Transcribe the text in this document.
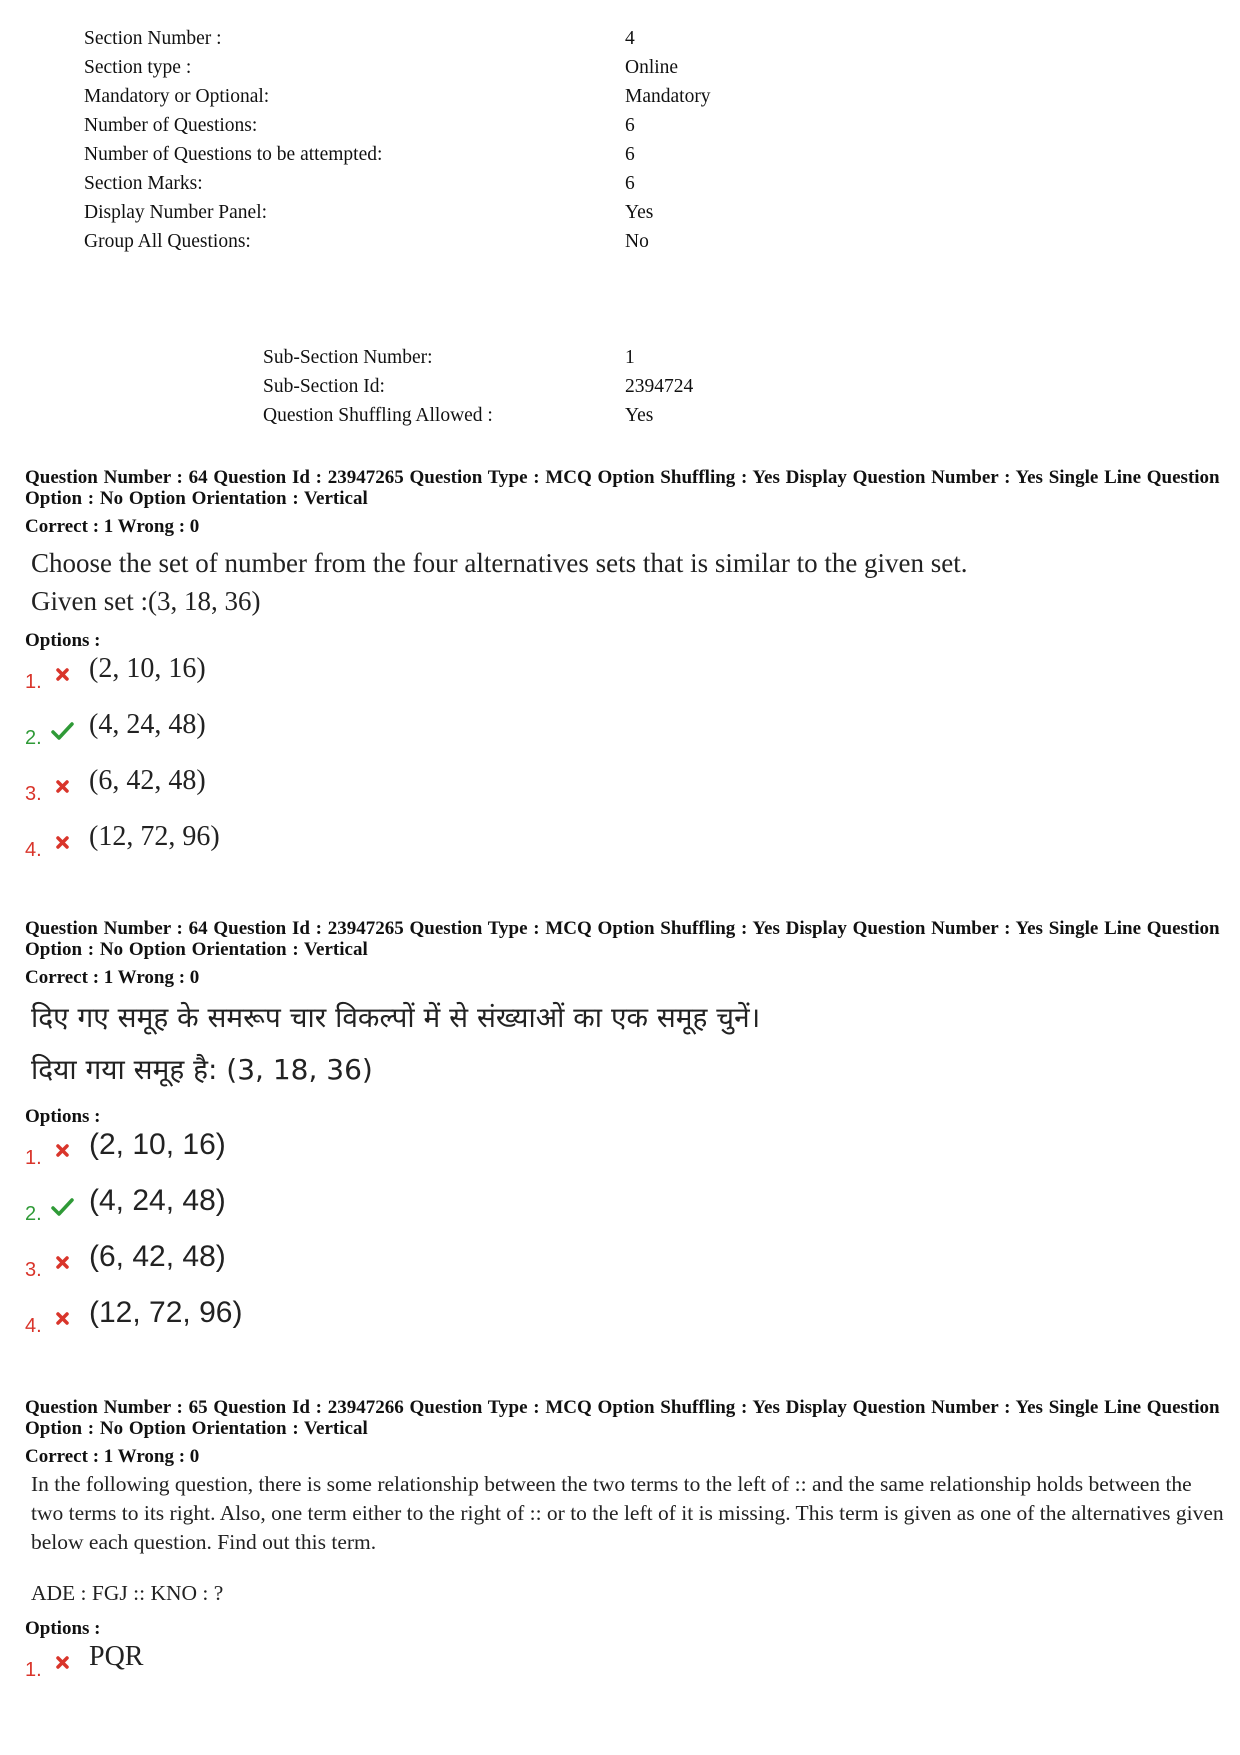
Section Number :	4
Section type :	Online
Mandatory or Optional:	Mandatory
Number of Questions:	6
Number of Questions to be attempted:	6
Section Marks:	6
Display Number Panel:	Yes
Group All Questions:	No
Sub-Section Number:	1
Sub-Section Id:	2394724
Question Shuffling Allowed :	Yes
Question Number : 64 Question Id : 23947265 Question Type : MCQ Option Shuffling : Yes Display Question Number : Yes Single Line Question Option : No Option Orientation : Vertical
Correct : 1 Wrong : 0
Choose the set of number from the four alternatives sets that is similar to the given set.
Given set :(3, 18, 36)
Options :
1. (2, 10, 16)
2. (4, 24, 48)
3. (6, 42, 48)
4. (12, 72, 96)
Question Number : 64 Question Id : 23947265 Question Type : MCQ Option Shuffling : Yes Display Question Number : Yes Single Line Question Option : No Option Orientation : Vertical
Correct : 1 Wrong : 0
दिए गए समूह के समरूप चार विकल्पों में से संख्याओं का एक समूह चुनें।
दिया गया समूह है: (3, 18, 36)
Options :
1. (2, 10, 16)
2. (4, 24, 48)
3. (6, 42, 48)
4. (12, 72, 96)
Question Number : 65 Question Id : 23947266 Question Type : MCQ Option Shuffling : Yes Display Question Number : Yes Single Line Question Option : No Option Orientation : Vertical
Correct : 1 Wrong : 0
In the following question, there is some relationship between the two terms to the left of :: and the same relationship holds between the two terms to its right. Also, one term either to the right of :: or to the left of it is missing. This term is given as one of the alternatives given below each question. Find out this term.
ADE : FGJ :: KNO : ?
Options :
1. PQR
